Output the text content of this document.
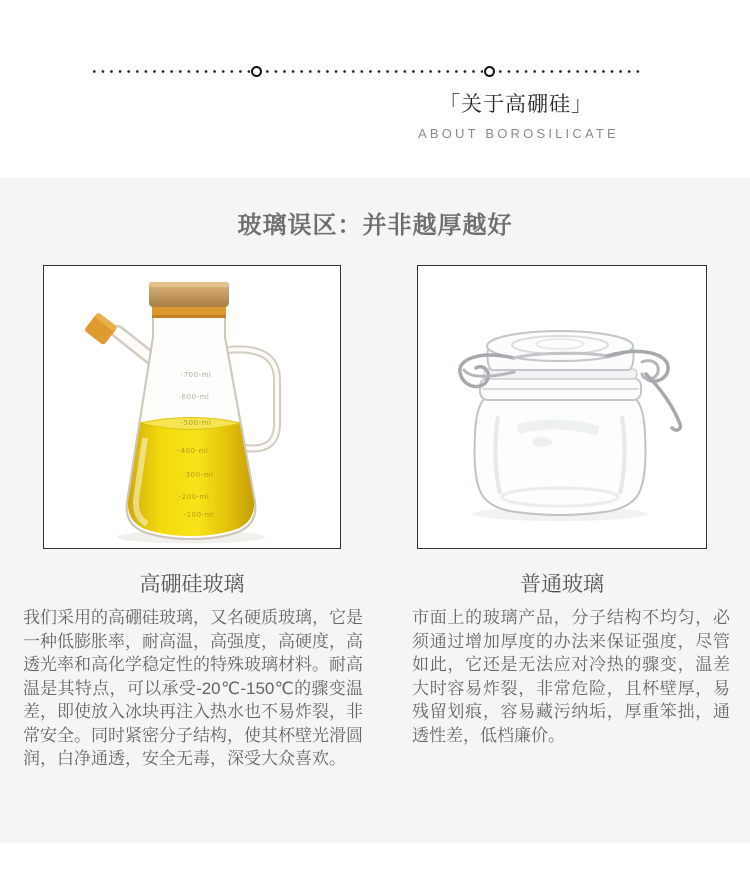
「关于高硼硅」
ABOUT BOROSILICATE
玻璃误区：并非越厚越好
-700-ml
-600-ml
-500-ml
-400-ml
-300-ml
-200-ml
-100-ml
高硼硅玻璃	普通玻璃

我们采用的高硼硅玻璃，又名硬质玻璃，它是一种低膨胀率，耐高温，高强度，高硬度，高透光率和高化学稳定性的特殊玻璃材料。耐高温是其特点，可以承受-20℃-150℃的骤变温差，即使放入冰块再注入热水也不易炸裂，非常安全。同时紧密分子结构，使其杯壁光滑圆润，白净通透，安全无毒，深受大众喜欢。

市面上的玻璃产品，分子结构不均匀，必须通过增加厚度的办法来保证强度，尽管如此，它还是无法应对冷热的骤变，温差大时容易炸裂，非常危险，且杯壁厚，易残留划痕，容易藏污纳垢，厚重笨拙，通透性差，低档廉价。
